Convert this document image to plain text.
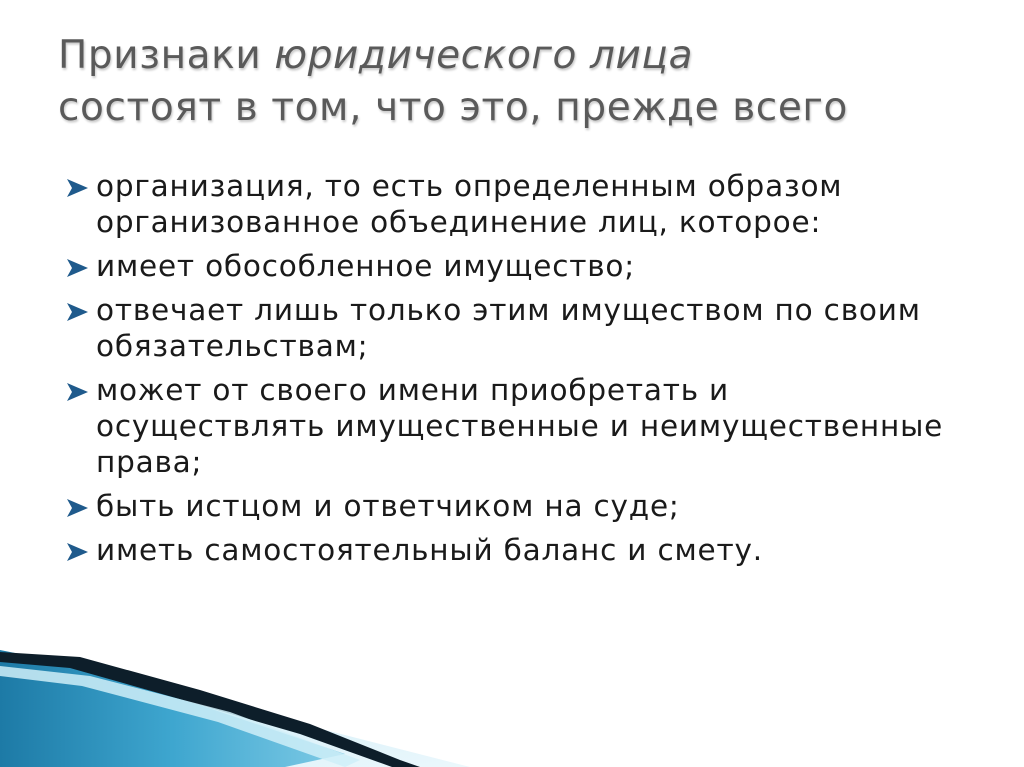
Признаки юридического лица
состоят в том, что это, прежде всего
организация, то есть определенным образом организованное объединение лиц, которое:
имеет обособленное имущество;
отвечает лишь только этим имуществом по своим обязательствам;
может от своего имени приобретать и осуществлять имущественные и неимущественные права;
быть истцом и ответчиком на суде;
иметь самостоятельный баланс и смету.
